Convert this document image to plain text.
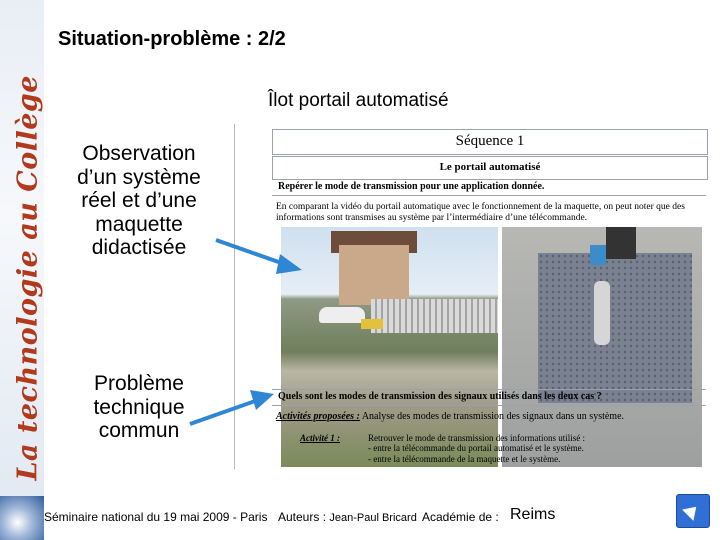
La technologie au Collège
Situation-problème : 2/2
Îlot portail automatisé
Observation
d’un système
réel et d’une
maquette
didactisée
Problème
technique
commun
Séquence 1
Le portail automatisé
Repérer le mode de transmission pour une application donnée.
En comparant la vidéo du portail automatique avec le fonctionnement de la maquette, on peut noter que des informations sont transmises au système par l’intermédiaire d’une télécommande.
Quels sont les modes de transmission des signaux utilisés dans les deux cas ?
Activités proposées : Analyse des modes de transmission des signaux dans un système.
Activité 1 :	Retrouver le mode de transmission des informations utilisé :
- entre la télécommande du portail automatisé et le système.
- entre la télécommande de la maquette et le système.
Séminaire national du 19 mai 2009 - Paris Auteurs : Jean-Paul Bricard Académie de : Reims
